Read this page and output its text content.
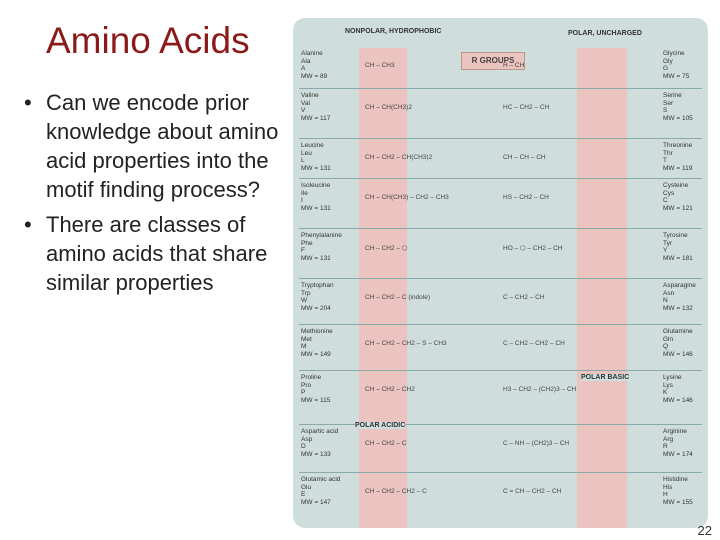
Amino Acids
• Can we encode prior knowledge about amino acid properties into the motif finding process?
• There are classes of amino acids that share similar properties
NONPOLAR, HYDROPHOBIC	POLAR, UNCHARGED
R GROUPS
Alanine
Ala
A
MW = 89
CH – CH3
Valine
Val
V
MW = 117
CH – CH(CH3)2
Leucine
Leu
L
MW = 131
CH – CH2 – CH(CH3)2
Isoleucine
Ile
I
MW = 131
CH – CH(CH3) – CH2 – CH3
Phenylalanine
Phe
F
MW = 131
CH – CH2 – ⬡
Tryptophan
Trp
W
MW = 204
CH – CH2 – C (indole)
Methionine
Met
M
MW = 149
CH – CH2 – CH2 – S – CH3
Proline
Pro
P
MW = 115
CH – CH2 – CH2
Aspartic acid
Asp
D
MW = 133
CH – CH2 – C
Glutamic acid
Glu
E
MW = 147
CH – CH2 – CH2 – C
Glycine
Gly
G
MW = 75
H – CH
Serine
Ser
S
MW = 105
HC – CH2 – CH
Threonine
Thr
T
MW = 119
CH – CH – CH
Cysteine
Cys
C
MW = 121
HS – CH2 – CH
Tyrosine
Tyr
Y
MW = 181
HO – ⬡ – CH2 – CH
Asparagine
Asn
N
MW = 132
C – CH2 – CH
Glutamine
Gln
Q
MW = 146
C – CH2 – CH2 – CH
Lysine
Lys
K
MW = 146
H3 – CH2 – (CH2)3 – CH
Arginine
Arg
R
MW = 174
C – NH – (CH2)3 – CH
Histidine
His
H
MW = 155
C = CH – CH2 – CH
POLAR BASIC
POLAR ACIDIC
22
